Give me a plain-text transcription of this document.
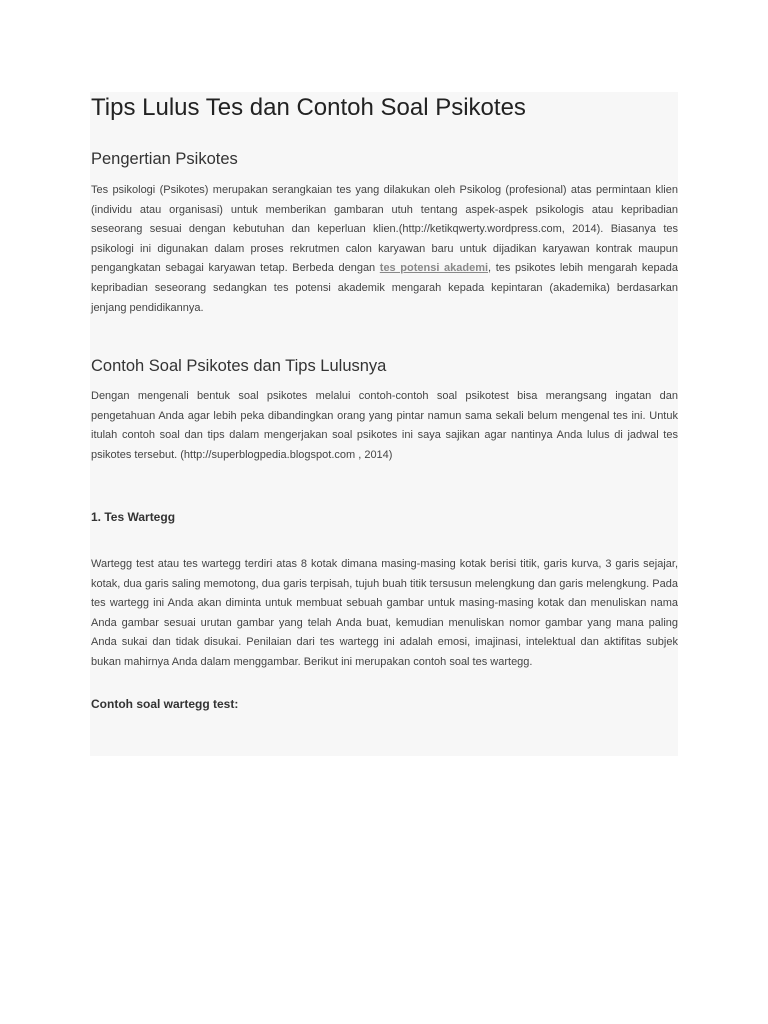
Tips Lulus Tes dan Contoh Soal Psikotes
Pengertian Psikotes

Tes psikologi (Psikotes) merupakan serangkaian tes yang dilakukan oleh Psikolog (profesional) atas permintaan klien (individu atau organisasi) untuk memberikan gambaran utuh tentang aspek-aspek psikologis atau kepribadian seseorang sesuai dengan kebutuhan dan keperluan klien.(http://ketikqwerty.wordpress.com, 2014). Biasanya tes psikologi ini digunakan dalam proses rekrutmen calon karyawan baru untuk dijadikan karyawan kontrak maupun pengangkatan sebagai karyawan tetap. Berbeda dengan tes potensi akademi, tes psikotes lebih mengarah kepada kepribadian seseorang sedangkan tes potensi akademik mengarah kepada kepintaran (akademika) berdasarkan jenjang pendidikannya.

Contoh Soal Psikotes dan Tips Lulusnya

Dengan mengenali bentuk soal psikotes melalui contoh-contoh soal psikotest bisa merangsang ingatan dan pengetahuan Anda agar lebih peka dibandingkan orang yang pintar namun sama sekali belum mengenal tes ini. Untuk itulah contoh soal dan tips dalam mengerjakan soal psikotes ini saya sajikan agar nantinya Anda lulus di jadwal tes psikotes tersebut. (http://superblogpedia.blogspot.com , 2014)

1. Tes Wartegg

Wartegg test atau tes wartegg terdiri atas 8 kotak dimana masing-masing kotak berisi titik, garis kurva, 3 garis sejajar, kotak, dua garis saling memotong, dua garis terpisah, tujuh buah titik tersusun melengkung dan garis melengkung. Pada tes wartegg ini Anda akan diminta untuk membuat sebuah gambar untuk masing-masing kotak dan menuliskan nama Anda gambar sesuai urutan gambar yang telah Anda buat, kemudian menuliskan nomor gambar yang mana paling Anda sukai dan tidak disukai. Penilaian dari tes wartegg ini adalah emosi, imajinasi, intelektual dan aktifitas subjek bukan mahirnya Anda dalam menggambar. Berikut ini merupakan contoh soal tes wartegg.

Contoh soal wartegg test:
